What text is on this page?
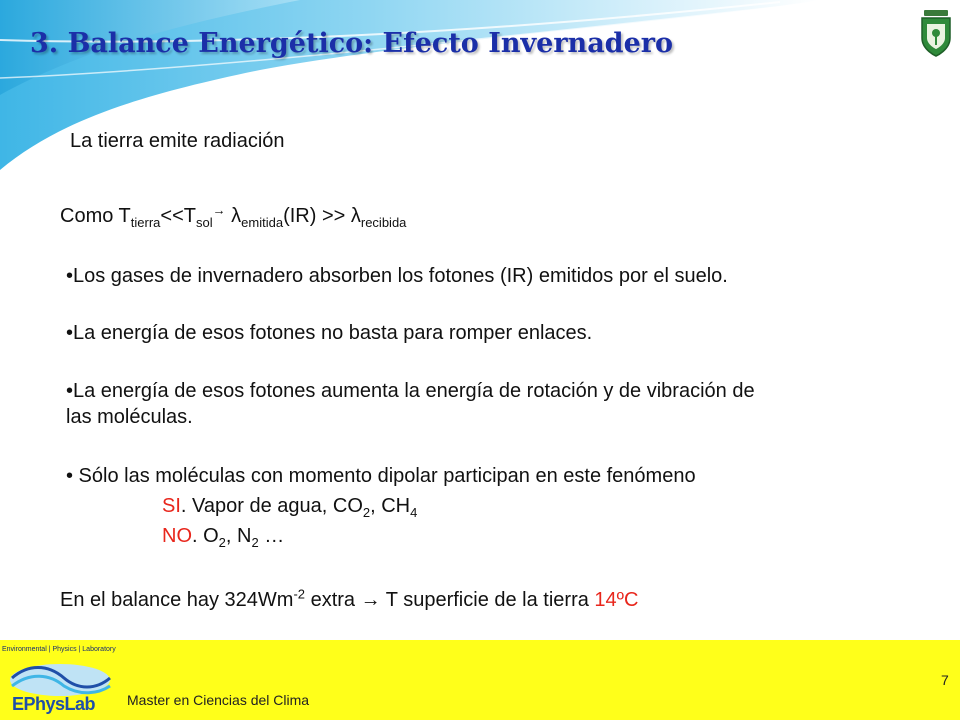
3. Balance Energético: Efecto Invernadero
La tierra emite radiación
Como $T_{tierra}<<T_{sol}^\to$ $\lambda_{emitida}(IR) >> \lambda_{recibida}$
•Los gases de invernadero absorben los fotones (IR) emitidos por el suelo.
•La energía de esos fotones no basta para romper enlaces.
•La energía de esos fotones aumenta la energía de rotación y de vibración de
las moléculas.
• Sólo las moléculas con momento dipolar participan en este fenómeno
SI. Vapor de agua, $CO_2$, $CH_4$
NO. $O_2$, $N_2$ …
En el balance hay $324Wm^{-2}$ extra → T superficie de la tierra 14ºC
Environmental | Physics | Laboratory
EPhysLab
7
Master en Ciencias del Clima
